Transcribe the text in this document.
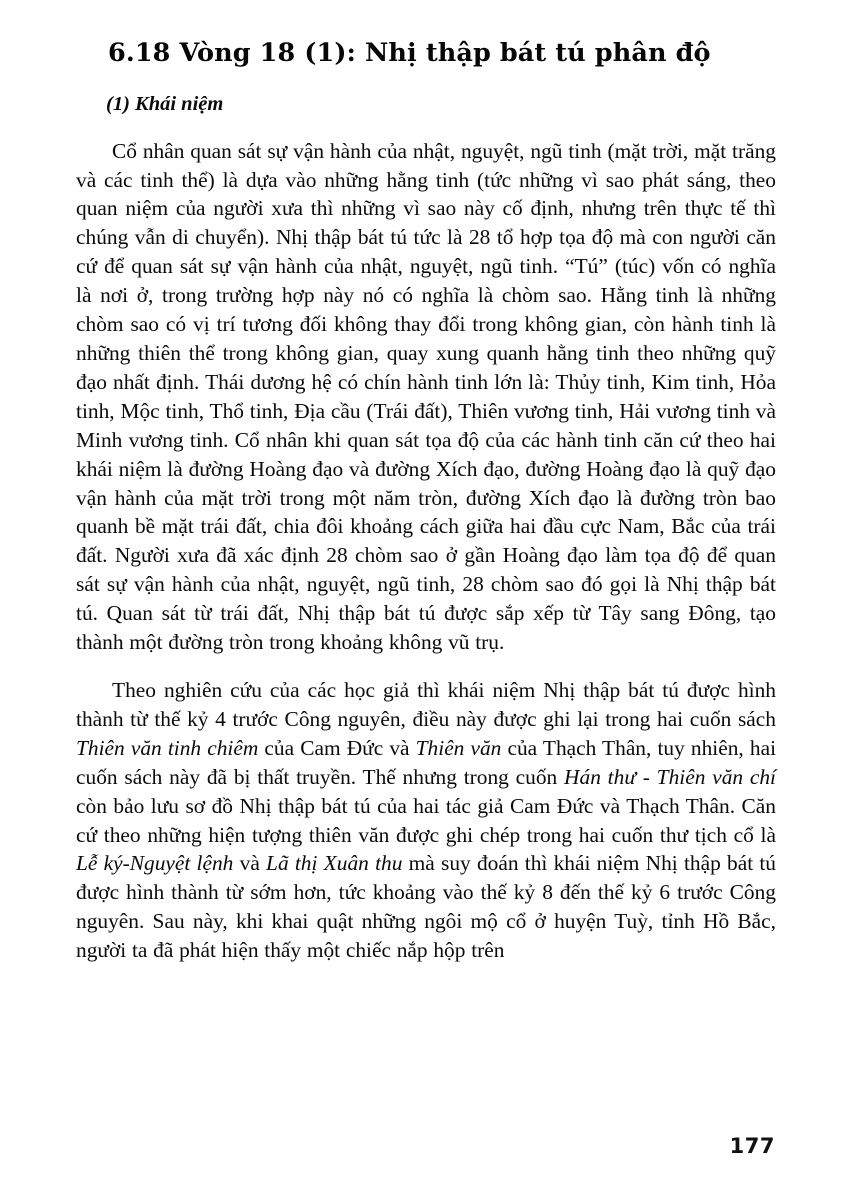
6.18 Vòng 18 (1): Nhị thập bát tú phân độ
(1) Khái niệm

Cổ nhân quan sát sự vận hành của nhật, nguyệt, ngũ tinh (mặt trời, mặt trăng và các tinh thể) là dựa vào những hằng tinh (tức những vì sao phát sáng, theo quan niệm của người xưa thì những vì sao này cố định, nhưng trên thực tế thì chúng vẫn di chuyển). Nhị thập bát tú tức là 28 tổ hợp tọa độ mà con người căn cứ để quan sát sự vận hành của nhật, nguyệt, ngũ tinh. “Tú” (túc) vốn có nghĩa là nơi ở, trong trường hợp này nó có nghĩa là chòm sao. Hằng tinh là những chòm sao có vị trí tương đối không thay đổi trong không gian, còn hành tinh là những thiên thể trong không gian, quay xung quanh hằng tinh theo những quỹ đạo nhất định. Thái dương hệ có chín hành tinh lớn là: Thủy tinh, Kim tinh, Hỏa tinh, Mộc tinh, Thổ tinh, Địa cầu (Trái đất), Thiên vương tinh, Hải vương tinh và Minh vương tinh. Cổ nhân khi quan sát tọa độ của các hành tinh căn cứ theo hai khái niệm là đường Hoàng đạo và đường Xích đạo, đường Hoàng đạo là quỹ đạo vận hành của mặt trời trong một năm tròn, đường Xích đạo là đường tròn bao quanh bề mặt trái đất, chia đôi khoảng cách giữa hai đầu cực Nam, Bắc của trái đất. Người xưa đã xác định 28 chòm sao ở gần Hoàng đạo làm tọa độ để quan sát sự vận hành của nhật, nguyệt, ngũ tinh, 28 chòm sao đó gọi là Nhị thập bát tú. Quan sát từ trái đất, Nhị thập bát tú được sắp xếp từ Tây sang Đông, tạo thành một đường tròn trong khoảng không vũ trụ.

Theo nghiên cứu của các học giả thì khái niệm Nhị thập bát tú được hình thành từ thế kỷ 4 trước Công nguyên, điều này được ghi lại trong hai cuốn sách Thiên văn tinh chiêm của Cam Đức và Thiên văn của Thạch Thân, tuy nhiên, hai cuốn sách này đã bị thất truyền. Thế nhưng trong cuốn Hán thư - Thiên văn chí còn bảo lưu sơ đồ Nhị thập bát tú của hai tác giả Cam Đức và Thạch Thân. Căn cứ theo những hiện tượng thiên văn được ghi chép trong hai cuốn thư tịch cổ là Lễ ký-Nguyệt lệnh và Lã thị Xuân thu mà suy đoán thì khái niệm Nhị thập bát tú được hình thành từ sớm hơn, tức khoảng vào thế kỷ 8 đến thế kỷ 6 trước Công nguyên. Sau này, khi khai quật những ngôi mộ cổ ở huyện Tuỳ, tỉnh Hồ Bắc, người ta đã phát hiện thấy một chiếc nắp hộp trên

177
